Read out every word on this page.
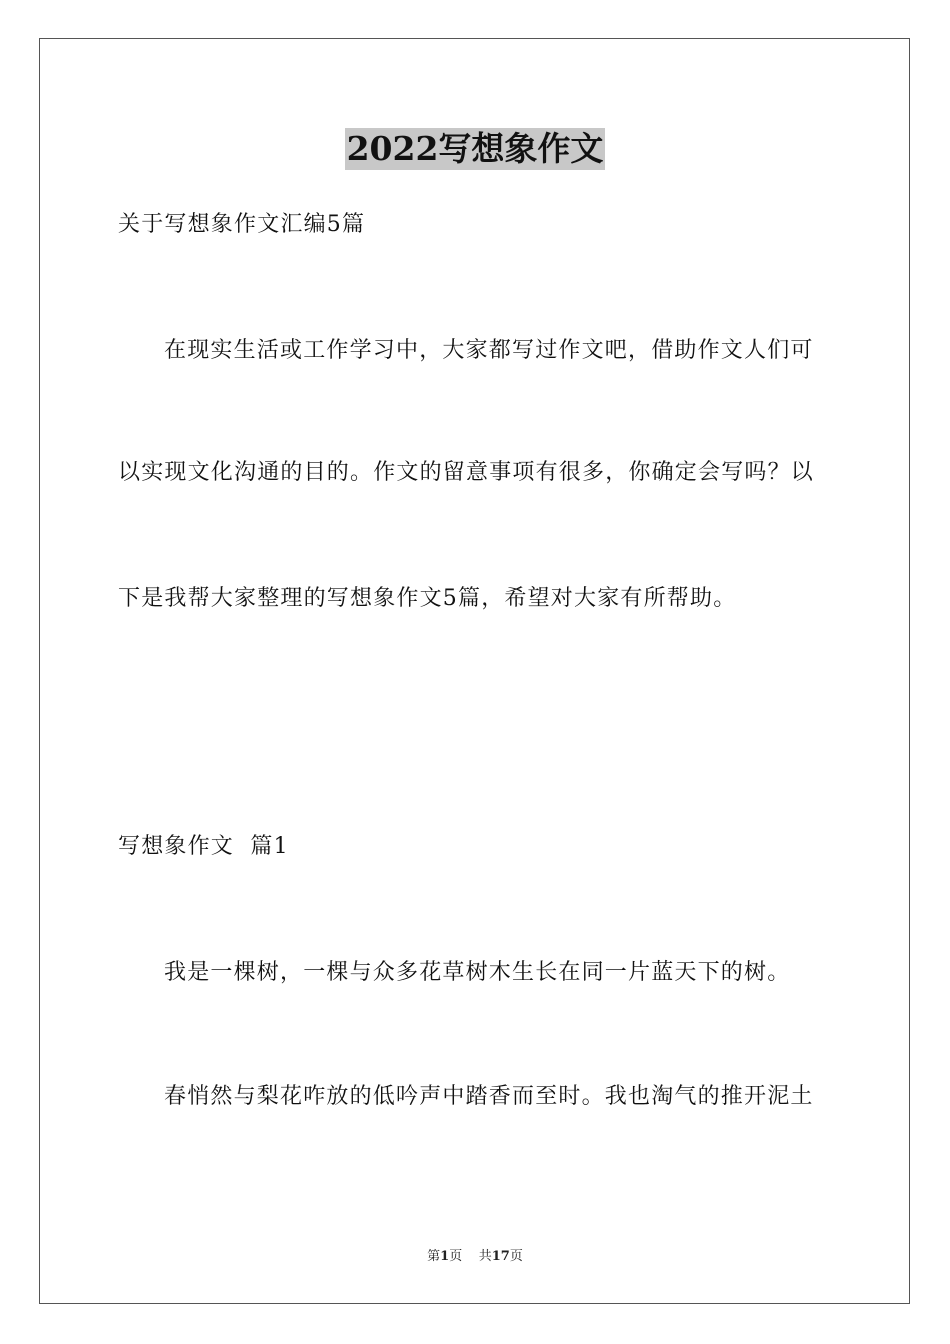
2022写想象作文
关于写想象作文汇编5篇
在现实生活或工作学习中，大家都写过作文吧，借助作文人们可
以实现文化沟通的目的。作文的留意事项有很多，你确定会写吗？以
下是我帮大家整理的写想象作文5篇，希望对大家有所帮助。
写想象作文  篇1
我是一棵树，一棵与众多花草树木生长在同一片蓝天下的树。
春悄然与梨花咋放的低吟声中踏香而至时。我也淘气的推开泥土
第1页 共17页
